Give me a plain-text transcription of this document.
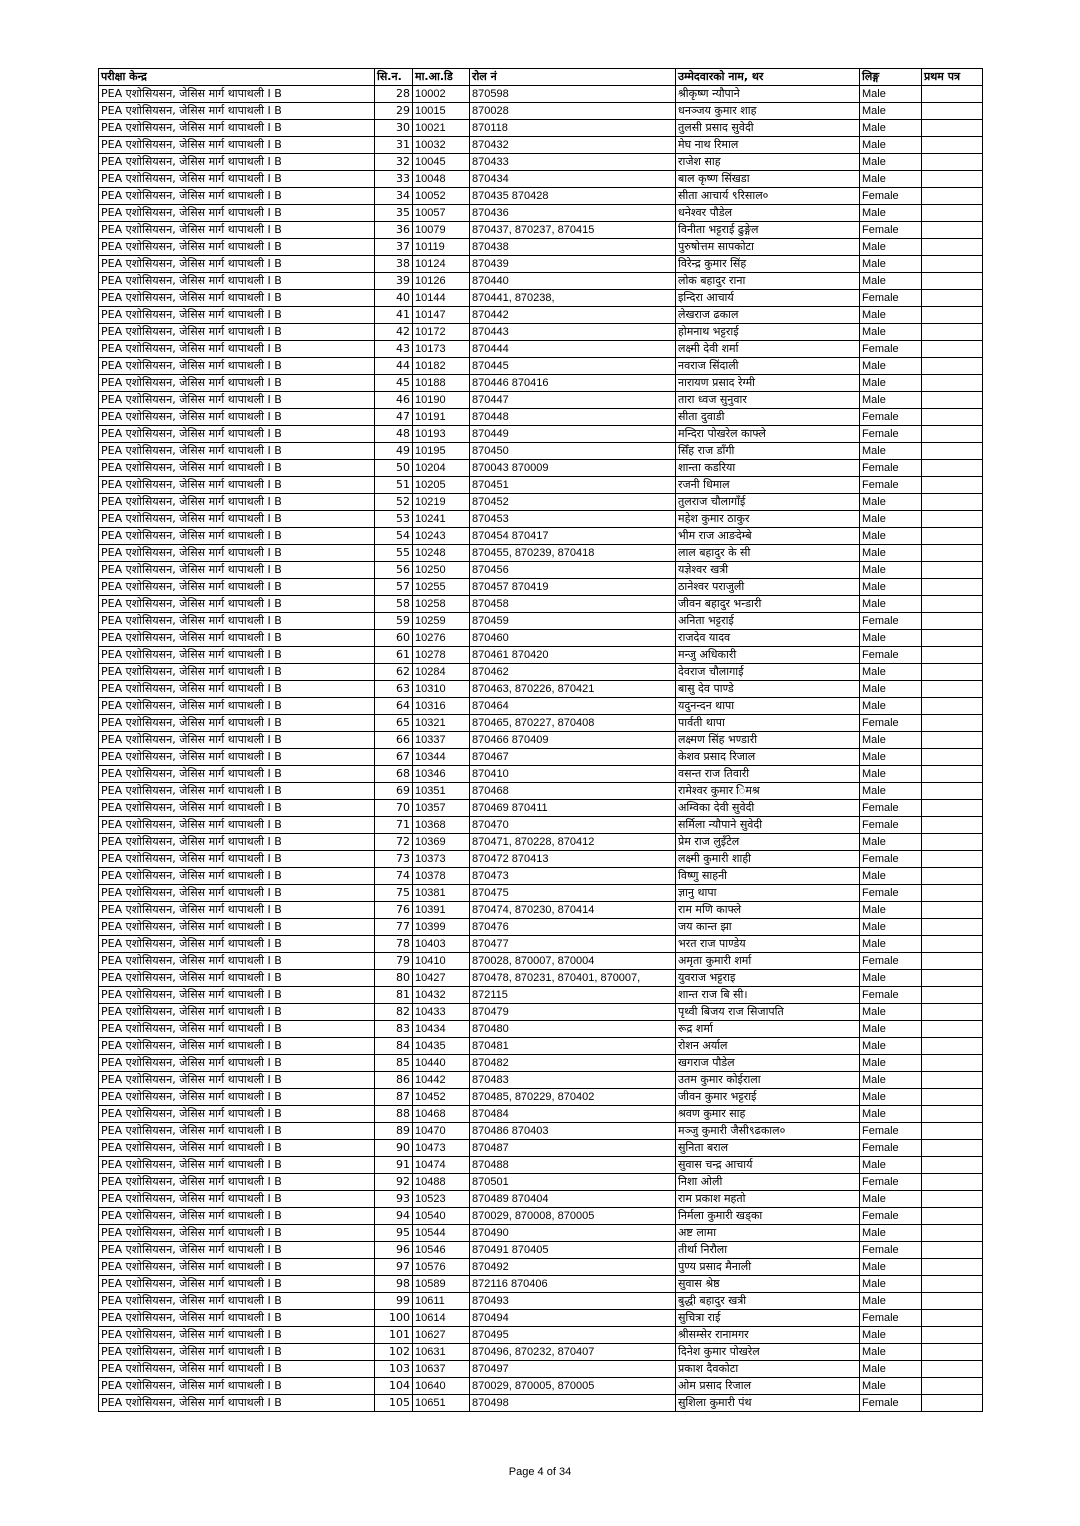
परीक्षा केन्द्र	सि.न.	मा.आ.डि	रोल नं	उम्मेदवारको नाम, थर	लिङ्ग	प्रथम पत्र
PEA एशोसियसन, जेसिस मार्ग थापाथली I B	28	10002	870598	श्रीकृष्ण न्यौपाने	Male	
PEA एशोसियसन, जेसिस मार्ग थापाथली I B	29	10015	870028	धनञ्जय कुमार शाह	Male	
PEA एशोसियसन, जेसिस मार्ग थापाथली I B	30	10021	870118	तुलसी प्रसाद सुवेदी	Male	
PEA एशोसियसन, जेसिस मार्ग थापाथली I B	31	10032	870432	मेघ नाथ रिमाल	Male	
PEA एशोसियसन, जेसिस मार्ग थापाथली I B	32	10045	870433	राजेश साह	Male	
PEA एशोसियसन, जेसिस मार्ग थापाथली I B	33	10048	870434	बाल कृष्ण सिंखडा	Male	
PEA एशोसियसन, जेसिस मार्ग थापाथली I B	34	10052	870435 870428	सीता आचार्य ९रिसाल०	Female	
PEA एशोसियसन, जेसिस मार्ग थापाथली I B	35	10057	870436	धनेश्वर पौडेल	Male	
PEA एशोसियसन, जेसिस मार्ग थापाथली I B	36	10079	870437, 870237, 870415	विनीता भट्टराई ढुङ्गेल	Female	
PEA एशोसियसन, जेसिस मार्ग थापाथली I B	37	10119	870438	पुरुषोत्तम सापकोटा	Male	
PEA एशोसियसन, जेसिस मार्ग थापाथली I B	38	10124	870439	विरेन्द्र कुमार सिंह	Male	
PEA एशोसियसन, जेसिस मार्ग थापाथली I B	39	10126	870440	लोक बहादुर राना	Male	
PEA एशोसियसन, जेसिस मार्ग थापाथली I B	40	10144	870441, 870238,	इन्दिरा आचार्य	Female	
PEA एशोसियसन, जेसिस मार्ग थापाथली I B	41	10147	870442	लेखराज ढकाल	Male	
PEA एशोसियसन, जेसिस मार्ग थापाथली I B	42	10172	870443	होमनाथ भट्टराई	Male	
PEA एशोसियसन, जेसिस मार्ग थापाथली I B	43	10173	870444	लक्ष्मी देवी शर्मा	Female	
PEA एशोसियसन, जेसिस मार्ग थापाथली I B	44	10182	870445	नवराज सिंदाली	Male	
PEA एशोसियसन, जेसिस मार्ग थापाथली I B	45	10188	870446 870416	नारायण प्रसाद रेग्मी	Male	
PEA एशोसियसन, जेसिस मार्ग थापाथली I B	46	10190	870447	तारा ध्वज सुनुवार	Male	
PEA एशोसियसन, जेसिस मार्ग थापाथली I B	47	10191	870448	सीता दुवाडी	Female	
PEA एशोसियसन, जेसिस मार्ग थापाथली I B	48	10193	870449	मन्दिरा पोखरेल काफ्ले	Female	
PEA एशोसियसन, जेसिस मार्ग थापाथली I B	49	10195	870450	सिँह राज डाँगी	Male	
PEA एशोसियसन, जेसिस मार्ग थापाथली I B	50	10204	870043 870009	शान्ता कडरिया	Female	
PEA एशोसियसन, जेसिस मार्ग थापाथली I B	51	10205	870451	रजनी धिमाल	Female	
PEA एशोसियसन, जेसिस मार्ग थापाथली I B	52	10219	870452	तुलराज चौलागाँई	Male	
PEA एशोसियसन, जेसिस मार्ग थापाथली I B	53	10241	870453	महेश कुमार ठाकुर	Male	
PEA एशोसियसन, जेसिस मार्ग थापाथली I B	54	10243	870454 870417	भीम राज आङदेम्बे	Male	
PEA एशोसियसन, जेसिस मार्ग थापाथली I B	55	10248	870455, 870239, 870418	लाल बहादुर के सी	Male	
PEA एशोसियसन, जेसिस मार्ग थापाथली I B	56	10250	870456	यज्ञेश्वर खत्री	Male	
PEA एशोसियसन, जेसिस मार्ग थापाथली I B	57	10255	870457 870419	ठानेश्वर पराजुली	Male	
PEA एशोसियसन, जेसिस मार्ग थापाथली I B	58	10258	870458	जीवन बहादुर भन्डारी	Male	
PEA एशोसियसन, जेसिस मार्ग थापाथली I B	59	10259	870459	अनिता भट्टराई	Female	
PEA एशोसियसन, जेसिस मार्ग थापाथली I B	60	10276	870460	राजदेव यादव	Male	
PEA एशोसियसन, जेसिस मार्ग थापाथली I B	61	10278	870461 870420	मन्जु अधिकारी	Female	
PEA एशोसियसन, जेसिस मार्ग थापाथली I B	62	10284	870462	देवराज चौलागाई	Male	
PEA एशोसियसन, जेसिस मार्ग थापाथली I B	63	10310	870463, 870226, 870421	बासु देव पाण्डे	Male	
PEA एशोसियसन, जेसिस मार्ग थापाथली I B	64	10316	870464	यदुनन्दन थापा	Male	
PEA एशोसियसन, जेसिस मार्ग थापाथली I B	65	10321	870465, 870227, 870408	पार्वती थापा	Female	
PEA एशोसियसन, जेसिस मार्ग थापाथली I B	66	10337	870466 870409	लक्ष्मण सिंह भण्डारी	Male	
PEA एशोसियसन, जेसिस मार्ग थापाथली I B	67	10344	870467	केशव प्रसाद रिजाल	Male	
PEA एशोसियसन, जेसिस मार्ग थापाथली I B	68	10346	870410	वसन्त राज तिवारी	Male	
PEA एशोसियसन, जेसिस मार्ग थापाथली I B	69	10351	870468	रामेश्वर कुमार िमश्र	Male	
PEA एशोसियसन, जेसिस मार्ग थापाथली I B	70	10357	870469 870411	अम्विका देवी सुवेदी	Female	
PEA एशोसियसन, जेसिस मार्ग थापाथली I B	71	10368	870470	सर्मिला न्यौपाने सुवेदी	Female	
PEA एशोसियसन, जेसिस मार्ग थापाथली I B	72	10369	870471, 870228, 870412	प्रेम राज लुइँटेल	Male	
PEA एशोसियसन, जेसिस मार्ग थापाथली I B	73	10373	870472 870413	लक्ष्मी कुमारी शाही	Female	
PEA एशोसियसन, जेसिस मार्ग थापाथली I B	74	10378	870473	विष्णु साहनी	Male	
PEA एशोसियसन, जेसिस मार्ग थापाथली I B	75	10381	870475	ज्ञानु थापा	Female	
PEA एशोसियसन, जेसिस मार्ग थापाथली I B	76	10391	870474, 870230, 870414	राम मणि काफ्ले	Male	
PEA एशोसियसन, जेसिस मार्ग थापाथली I B	77	10399	870476	जय कान्त झा	Male	
PEA एशोसियसन, जेसिस मार्ग थापाथली I B	78	10403	870477	भरत राज पाण्डेय	Male	
PEA एशोसियसन, जेसिस मार्ग थापाथली I B	79	10410	870028, 870007, 870004	अमृता कुमारी शर्मा	Female	
PEA एशोसियसन, जेसिस मार्ग थापाथली I B	80	10427	870478, 870231, 870401, 870007,	युवराज भट्टराइ	Male	
PEA एशोसियसन, जेसिस मार्ग थापाथली I B	81	10432	872115	शान्त राज बि सी।	Female	
PEA एशोसियसन, जेसिस मार्ग थापाथली I B	82	10433	870479	पृथ्वी बिजय राज सिजापति	Male	
PEA एशोसियसन, जेसिस मार्ग थापाथली I B	83	10434	870480	रूद्र शर्मा	Male	
PEA एशोसियसन, जेसिस मार्ग थापाथली I B	84	10435	870481	रोशन अर्याल	Male	
PEA एशोसियसन, जेसिस मार्ग थापाथली I B	85	10440	870482	खगराज पौडेल	Male	
PEA एशोसियसन, जेसिस मार्ग थापाथली I B	86	10442	870483	उतम कुमार कोईराला	Male	
PEA एशोसियसन, जेसिस मार्ग थापाथली I B	87	10452	870485, 870229, 870402	जीवन कुमार भट्टराई	Male	
PEA एशोसियसन, जेसिस मार्ग थापाथली I B	88	10468	870484	श्रवण कुमार साह	Male	
PEA एशोसियसन, जेसिस मार्ग थापाथली I B	89	10470	870486 870403	मञ्जु कुमारी जैसी९ढकाल०	Female	
PEA एशोसियसन, जेसिस मार्ग थापाथली I B	90	10473	870487	सुनिता बराल	Female	
PEA एशोसियसन, जेसिस मार्ग थापाथली I B	91	10474	870488	सुवास चन्द्र आचार्य	Male	
PEA एशोसियसन, जेसिस मार्ग थापाथली I B	92	10488	870501	निशा ओली	Female	
PEA एशोसियसन, जेसिस मार्ग थापाथली I B	93	10523	870489 870404	राम प्रकाश महतो	Male	
PEA एशोसियसन, जेसिस मार्ग थापाथली I B	94	10540	870029, 870008, 870005	निर्मला कुमारी खड्का	Female	
PEA एशोसियसन, जेसिस मार्ग थापाथली I B	95	10544	870490	अष्ट लामा	Male	
PEA एशोसियसन, जेसिस मार्ग थापाथली I B	96	10546	870491 870405	तीर्था निरौला	Female	
PEA एशोसियसन, जेसिस मार्ग थापाथली I B	97	10576	870492	पुण्य प्रसाद मैनाली	Male	
PEA एशोसियसन, जेसिस मार्ग थापाथली I B	98	10589	872116 870406	सुवास श्रेष्ठ	Male	
PEA एशोसियसन, जेसिस मार्ग थापाथली I B	99	10611	870493	बुद्धी बहादुर खत्री	Male	
PEA एशोसियसन, जेसिस मार्ग थापाथली I B	100	10614	870494	सुचित्रा राई	Female	
PEA एशोसियसन, जेसिस मार्ग थापाथली I B	101	10627	870495	श्रीसम्सेर रानामगर	Male	
PEA एशोसियसन, जेसिस मार्ग थापाथली I B	102	10631	870496, 870232, 870407	दिनेश कुमार पोखरेल	Male	
PEA एशोसियसन, जेसिस मार्ग थापाथली I B	103	10637	870497	प्रकाश दैवकोटा	Male	
PEA एशोसियसन, जेसिस मार्ग थापाथली I B	104	10640	870029, 870005, 870005	ओम प्रसाद रिजाल	Male	
PEA एशोसियसन, जेसिस मार्ग थापाथली I B	105	10651	870498	सुशिला कुमारी पंथ	Female	
Page 4 of 34
